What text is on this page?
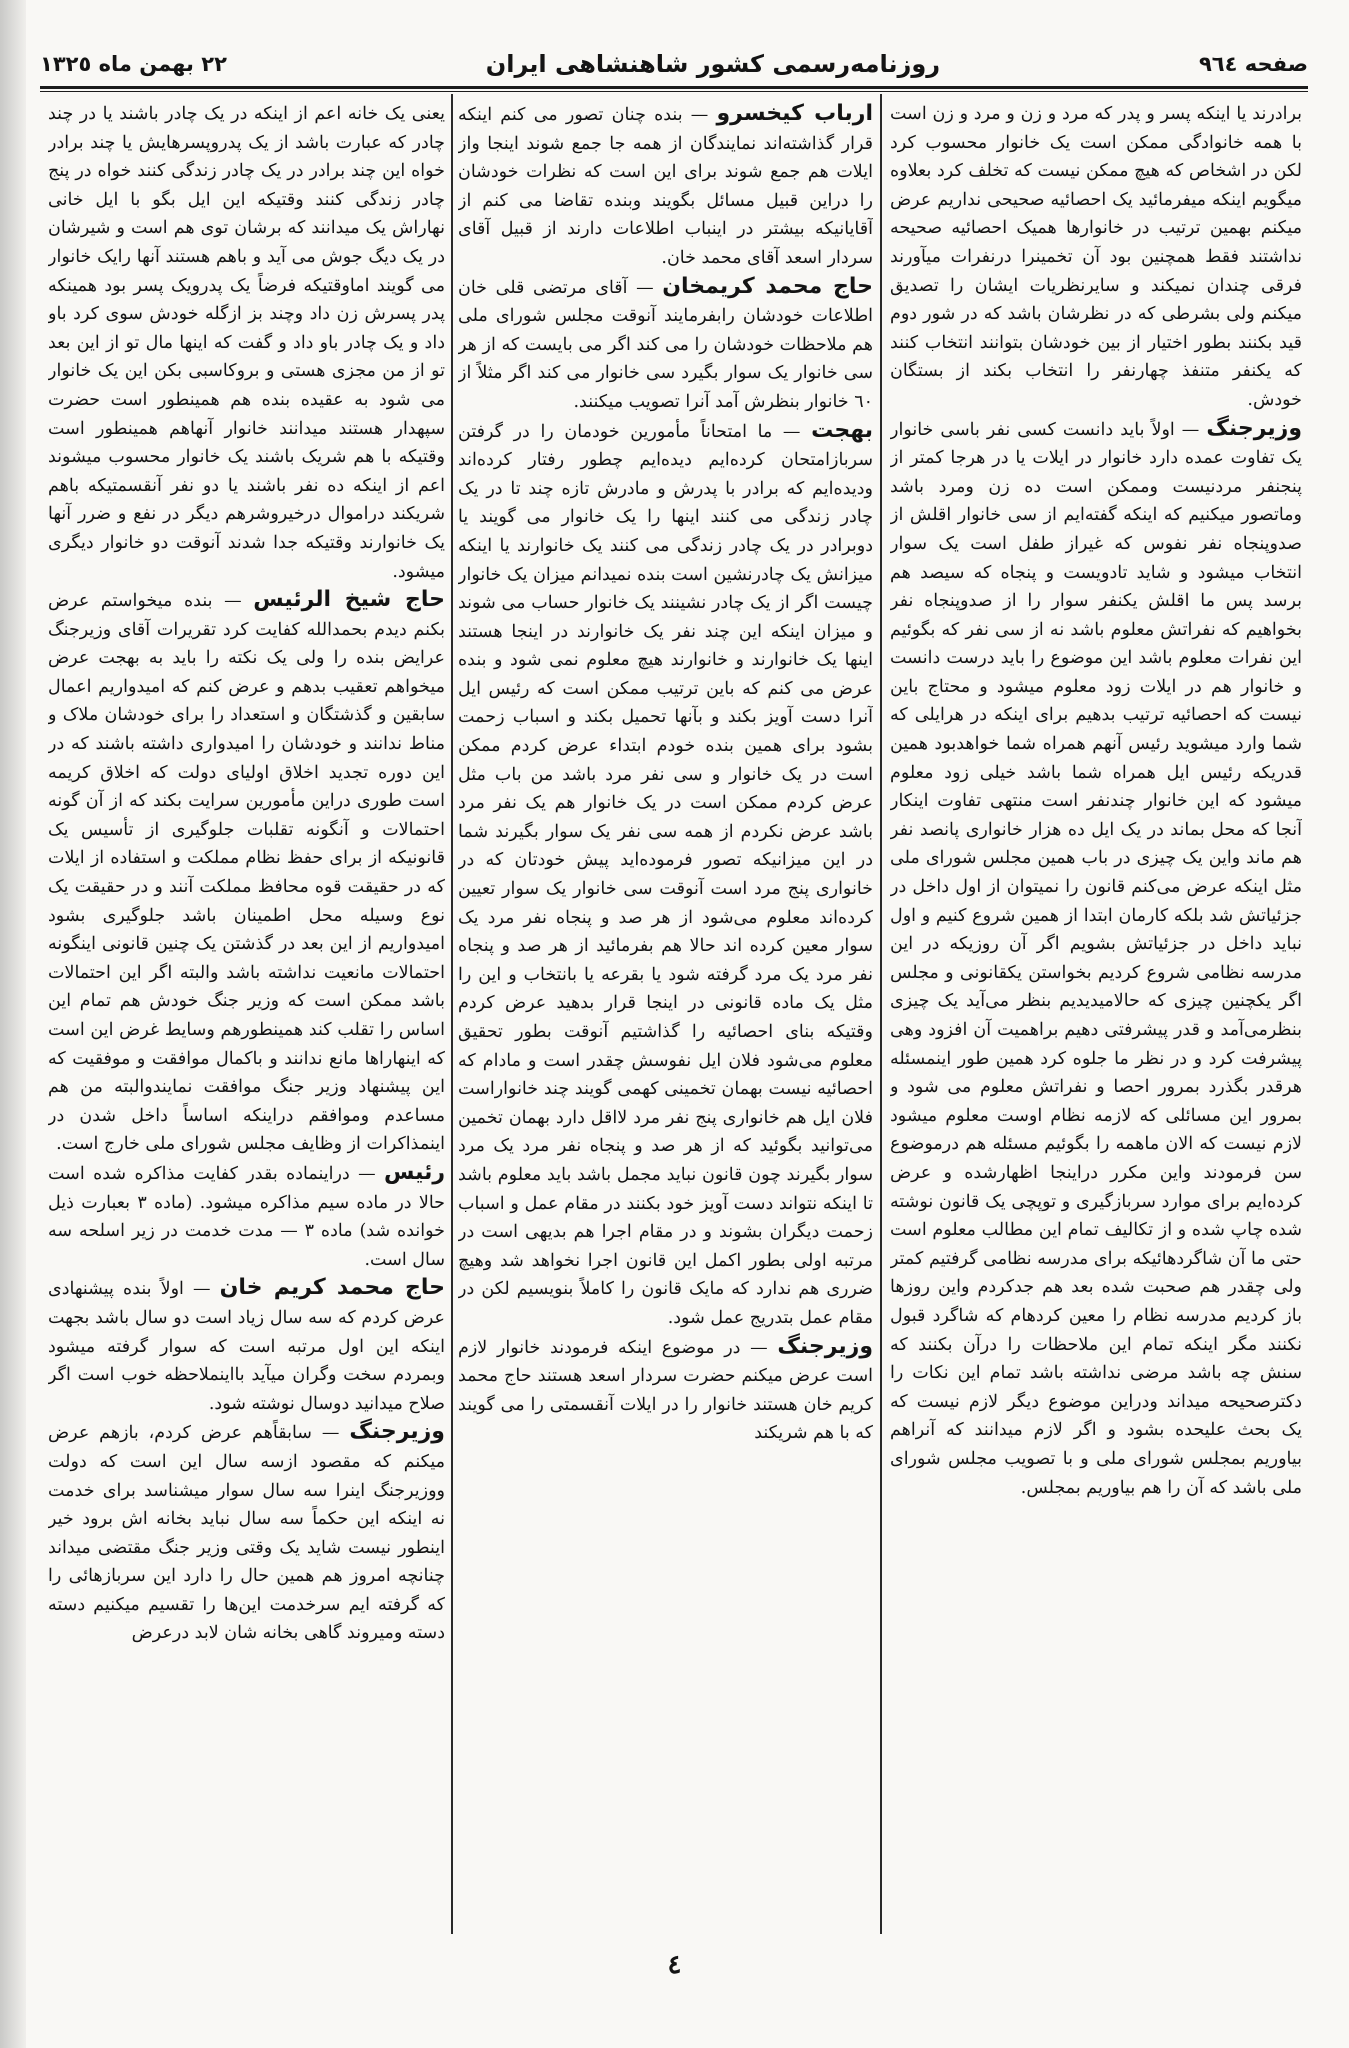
صفحه ٩٦٤
روزنامه‌رسمی کشور شاهنشاهی ایران
٢٢ بهمن ماه ١٣٢٥

برادرند یا اینکه پسر و پدر که مرد و زن و مرد و زن است با همه خانوادگی ممکن است یک خانوار محسوب کرد لکن در اشخاص که هیچ ممکن نیست که تخلف کرد بعلاوه میگویم اینکه میفرمائید یک احصائیه صحیحی نداریم عرض میکنم بهمین ترتیب در خانوارها همیک احصائیه صحیحه نداشتند فقط همچنین بود آن تخمینرا درنفرات میآورند فرقی چندان نمیکند و سایرنظریات ایشان را تصدیق میکنم ولی بشرطی که در نظرشان باشد که در شور دوم قید بکنند بطور اختیار از بین خودشان بتوانند انتخاب کنند که یکنفر متنفذ چهارنفر را انتخاب بکند از بستگان خودش.

وزیرجنگ — اولاً باید دانست کسی نفر باسی خانوار یک تفاوت عمده دارد خانوار در ایلات یا در هرجا کمتر از پنجنفر مردنیست وممکن است ده زن ومرد باشد وماتصور میکنیم که اینکه گفته‌ایم از سی خانوار اقلش از صدوپنجاه نفر نفوس که غیراز طفل است یک سوار انتخاب میشود و شاید تادویست و پنجاه که سیصد هم برسد پس ما اقلش یکنفر سوار را از صدوپنجاه نفر بخواهیم که نفراتش معلوم باشد نه از سی نفر که بگوئیم این نفرات معلوم باشد این موضوع را باید درست دانست و خانوار هم در ایلات زود معلوم میشود و محتاج باین نیست که احصائیه ترتیب بدهیم برای اینکه در هرایلی که شما وارد میشوید رئیس آنهم همراه شما خواهدبود همین قدریکه رئیس ایل همراه شما باشد خیلی زود معلوم میشود که این خانوار چندنفر است منتهی تفاوت اینکار آنجا که محل بماند در یک ایل ده هزار خانواری پانصد نفر هم ماند واین یک چیزی در باب همین مجلس شورای ملی مثل اینکه عرض می‌کنم قانون را نمیتوان از اول داخل در جزئیاتش شد بلکه کارمان ابتدا از همین شروع کنیم و اول نباید داخل در جزئیاتش بشویم اگر آن روزیکه در این مدرسه نظامی شروع کردیم بخواستن یکقانونی و مجلس اگر یکچنین چیزی که حالامیدیدیم بنظر می‌آید یک چیزی بنظرمی‌آمد و قدر پیشرفتی دهیم براهمیت آن افزود وهی پیشرفت کرد و در نظر ما جلوه کرد همین طور اینمسئله هرقدر بگذرد بمرور احصا و نفراتش معلوم می شود و بمرور این مسائلی که لازمه نظام اوست معلوم میشود لازم نیست که الان ماهمه را بگوئیم مسئله هم درموضوع سن فرمودند واین مکرر دراینجا اظهارشده و عرض کرده‌ایم برای موارد سربازگیری و توپچی یک قانون نوشته شده چاپ شده و از تکالیف تمام این مطالب معلوم است حتی ما آن شاگردهائیکه برای مدرسه نظامی گرفتیم کمتر ولی چقدر هم صحبت شده بعد هم جدکردم واین روزها باز کردیم مدرسه نظام را معین کردهام که شاگرد قبول نکنند مگر اینکه تمام این ملاحظات را درآن بکنند که سنش چه باشد مرضی نداشته باشد تمام این نکات را دکترصحیحه میداند ودراین موضوع دیگر لازم نیست که یک بحث علیحده بشود و اگر لازم میدانند که آنراهم بیاوریم بمجلس شورای ملی و با تصویب مجلس شورای ملی باشد که آن را هم بیاوریم بمجلس.

ارباب کیخسرو — بنده چنان تصور می کنم اینکه قرار گذاشته‌اند نمایندگان از همه جا جمع شوند اینجا واز ایلات هم جمع شوند برای این است که نظرات خودشان را دراین قبیل مسائل بگویند وبنده تقاضا می کنم از آقایانیکه بیشتر در اینباب اطلاعات دارند از قبیل آقای سردار اسعد آقای محمد خان.

حاج محمد کریمخان — آقای مرتضی قلی خان اطلاعات خودشان رابفرمایند آنوقت مجلس شورای ملی هم ملاحظات خودشان را می کند اگر می بایست که از هر سی خانوار یک سوار بگیرد سی خانوار می کند اگر مثلاً از ٦٠ خانوار بنظرش آمد آنرا تصویب میکنند.

بهجت — ما امتحاناً مأمورین خودمان را در گرفتن سربازامتحان کرده‌ایم دیده‌ایم چطور رفتار کرده‌اند ودیده‌ایم که برادر با پدرش و مادرش تازه چند تا در یک چادر زندگی می کنند اینها را یک خانوار می گویند یا دوبرادر در یک چادر زندگی می کنند یک خانوارند یا اینکه میزانش یک چادرنشین است بنده نمیدانم میزان یک خانوار چیست اگر از یک چادر نشینند یک خانوار حساب می شوند و میزان اینکه این چند نفر یک خانوارند در اینجا هستند اینها یک خانوارند و خانوارند هیچ معلوم نمی شود و بنده عرض می کنم که باین ترتیب ممکن است که رئیس ایل آنرا دست آویز بکند و بآنها تحمیل بکند و اسباب زحمت بشود برای همین بنده خودم ابتداء عرض کردم ممکن است در یک خانوار و سی نفر مرد باشد من باب مثل عرض کردم ممکن است در یک خانوار هم یک نفر مرد باشد عرض نکردم از همه سی نفر یک سوار بگیرند شما در این میزانیکه تصور فرموده‌اید پیش خودتان که در خانواری پنج مرد است آنوقت سی خانوار یک سوار تعیین کرده‌اند معلوم می‌شود از هر صد و پنجاه نفر مرد یک سوار معین کرده اند حالا هم بفرمائید از هر صد و پنجاه نفر مرد یک مرد گرفته شود یا بقرعه یا بانتخاب و این را مثل یک ماده قانونی در اینجا قرار بدهید عرض کردم وقتیکه بنای احصائیه را گذاشتیم آنوقت بطور تحقیق معلوم می‌شود فلان ایل نفوسش چقدر است و مادام که احصائیه نیست بهمان تخمینی کهمی گویند چند خانواراست فلان ایل هم خانواری پنج نفر مرد لااقل دارد بهمان تخمین می‌توانید بگوئید که از هر صد و پنجاه نفر مرد یک مرد سوار بگیرند چون قانون نباید مجمل باشد باید معلوم باشد تا اینکه نتواند دست آویز خود بکنند در مقام عمل و اسباب زحمت دیگران بشوند و در مقام اجرا هم بدیهی است در مرتبه اولی بطور اکمل این قانون اجرا نخواهد شد وهیچ ضرری هم ندارد که مایک قانون را کاملاً بنویسیم لکن در مقام عمل بتدریج عمل شود.

وزیرجنگ — در موضوع اینکه فرمودند خانوار لازم است عرض میکنم حضرت سردار اسعد هستند حاج محمد کریم خان هستند خانوار را در ایلات آنقسمتی را می گویند که با هم شریکند

یعنی یک خانه اعم از اینکه در یک چادر باشند یا در چند چادر که عبارت باشد از یک پدروپسرهایش یا چند برادر خواه این چند برادر در یک چادر زندگی کنند خواه در پنج چادر زندگی کنند وقتیکه این ایل بگو با ایل خانی نهاراش یک میدانند که برشان توی هم است و شیرشان در یک دیگ جوش می آید و باهم هستند آنها رایک خانوار می گویند اماوقتیکه فرضاً یک پدرویک پسر بود همینکه پدر پسرش زن داد وچند بز ازگله خودش سوی کرد باو داد و یک چادر باو داد و گفت که اینها مال تو از این بعد تو از من مجزی هستی و بروکاسبی بکن این یک خانوار می شود به عقیده بنده هم همینطور است حضرت سپهدار هستند میدانند خانوار آنهاهم همینطور است وقتیکه با هم شریک باشند یک خانوار محسوب میشوند اعم از اینکه ده نفر باشند یا دو نفر آنقسمتیکه باهم شریکند دراموال درخیروشرهم دیگر در نفع و ضرر آنها یک خانوارند وقتیکه جدا شدند آنوقت دو خانوار دیگری میشود.

حاج شیخ الرئیس — بنده میخواستم عرض بکنم دیدم بحمدالله کفایت کرد تقریرات آقای وزیرجنگ عرایض بنده را ولی یک نکته را باید به بهجت عرض میخواهم تعقیب بدهم و عرض کنم که امیدواریم اعمال سابقین و گذشتگان و استعداد را برای خودشان ملاک و مناط ندانند و خودشان را امیدواری داشته باشند که در این دوره تجدید اخلاق اولیای دولت که اخلاق کریمه است طوری دراین مأمورین سرایت بکند که از آن گونه احتمالات و آنگونه تقلبات جلوگیری از تأسیس یک قانونیکه از برای حفظ نظام مملکت و استفاده از ایلات که در حقیقت قوه محافظ مملکت آنند و در حقیقت یک نوع وسیله محل اطمینان باشد جلوگیری بشود امیدواریم از این بعد در گذشتن یک چنین قانونی اینگونه احتمالات مانعیت نداشته باشد والبته اگر این احتمالات باشد ممکن است که وزیر جنگ خودش هم تمام این اساس را تقلب کند همینطورهم وسایط غرض این است که اینهاراها مانع ندانند و باکمال موافقت و موفقیت که این پیشنهاد وزیر جنگ موافقت نمایندوالبته من هم مساعدم وموافقم دراینکه اساساً داخل شدن در اینمذاکرات از وظایف مجلس شورای ملی خارج است.

رئیس — دراینماده بقدر کفایت مذاکره شده است حالا در ماده سیم مذاکره میشود. (ماده ۳ بعبارت ذیل خوانده شد) ماده ۳ — مدت خدمت در زیر اسلحه سه سال است.

حاج محمد کریم خان — اولاً بنده پیشنهادی عرض کردم که سه سال زیاد است دو سال باشد بجهت اینکه این اول مرتبه است که سوار گرفته میشود وبمردم سخت وگران میآید بااینملاحظه خوب است اگر صلاح میدانید دوسال نوشته شود.

وزیرجنگ — سابقاًهم عرض کردم، بازهم عرض میکنم که مقصود ازسه سال این است که دولت ووزیرجنگ اینرا سه سال سوار میشناسد برای خدمت نه اینکه این حکماً سه سال نباید بخانه اش برود خیر اینطور نیست شاید یک وقتی وزیر جنگ مقتضی میداند چنانچه امروز هم همین حال را دارد این سربازهائی را که گرفته ایم سرخدمت این‌ها را تقسیم میکنیم دسته دسته ومیروند گاهی بخانه شان لابد درعرض

٤
